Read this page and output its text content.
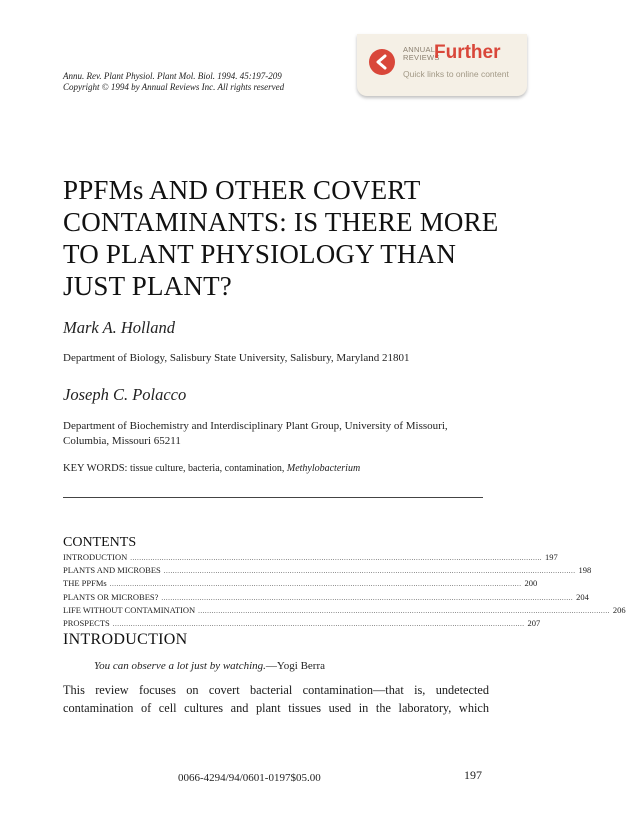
Annu. Rev. Plant Physiol. Plant Mol. Biol. 1994. 45:197-209
Copyright © 1994 by Annual Reviews Inc. All rights reserved
ANNUAL
REVIEWS
Further
Quick links to online content
PPFMs AND OTHER COVERT
CONTAMINANTS: IS THERE MORE
TO PLANT PHYSIOLOGY THAN
JUST PLANT?
Mark A. Holland
Department of Biology, Salisbury State University, Salisbury, Maryland 21801
Joseph C. Polacco
Department of Biochemistry and Interdisciplinary Plant Group, University of Missouri,
Columbia, Missouri 65211
KEY WORDS: tissue culture, bacteria, contamination, Methylobacterium
CONTENTS
INTRODUCTION ....................................................................................................................................................................................... 197
PLANTS AND MICROBES ....................................................................................................................................................................................... 198
THE PPFMs ....................................................................................................................................................................................... 200
PLANTS OR MICROBES? ....................................................................................................................................................................................... 204
LIFE WITHOUT CONTAMINATION ....................................................................................................................................................................................... 206
PROSPECTS ....................................................................................................................................................................................... 207
INTRODUCTION
You can observe a lot just by watching.—Yogi Berra
This review focuses on covert bacterial contamination—that is, undetected
contamination of cell cultures and plant tissues used in the laboratory, which
0066-4294/94/0601-0197$05.00	197
